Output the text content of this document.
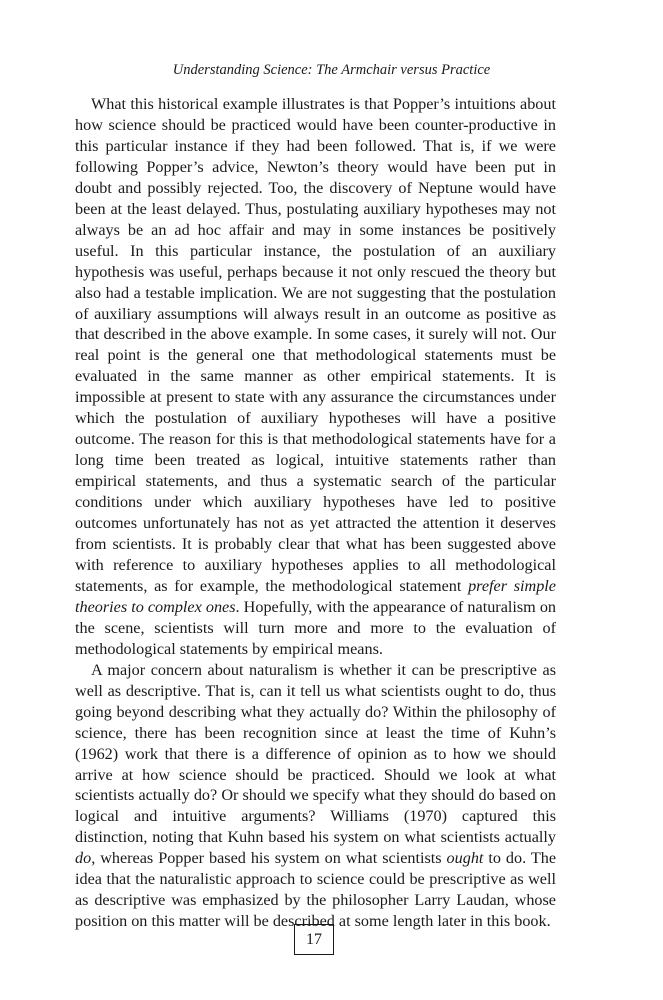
Understanding Science: The Armchair versus Practice

What this historical example illustrates is that Popper’s intuitions about how science should be practiced would have been counter-productive in this particular instance if they had been followed. That is, if we were following Popper’s advice, Newton’s theory would have been put in doubt and possibly rejected. Too, the discovery of Neptune would have been at the least delayed. Thus, postulating auxiliary hypotheses may not always be an ad hoc affair and may in some instances be positively useful. In this particular instance, the postulation of an auxiliary hypothesis was useful, perhaps because it not only rescued the theory but also had a testable implication. We are not suggesting that the postulation of auxiliary assumptions will always result in an outcome as positive as that described in the above example. In some cases, it surely will not. Our real point is the general one that methodological statements must be evaluated in the same manner as other empirical statements. It is impossible at present to state with any assurance the circumstances under which the postulation of auxiliary hypotheses will have a positive outcome. The reason for this is that methodological statements have for a long time been treated as logical, intuitive statements rather than empirical statements, and thus a systematic search of the particular conditions under which auxiliary hypotheses have led to positive outcomes unfortunately has not as yet attracted the attention it deserves from scientists. It is probably clear that what has been suggested above with reference to auxiliary hypotheses applies to all methodological statements, as for example, the methodological statement prefer simple theories to complex ones. Hopefully, with the appearance of naturalism on the scene, scientists will turn more and more to the evaluation of methodological statements by empirical means.

A major concern about naturalism is whether it can be prescriptive as well as descriptive. That is, can it tell us what scientists ought to do, thus going beyond describing what they actually do? Within the philosophy of science, there has been recognition since at least the time of Kuhn’s (1962) work that there is a difference of opinion as to how we should arrive at how science should be practiced. Should we look at what scientists actually do? Or should we specify what they should do based on logical and intuitive arguments? Williams (1970) captured this distinction, noting that Kuhn based his system on what scientists actually do, whereas Popper based his system on what scientists ought to do. The idea that the naturalistic approach to science could be prescriptive as well as descriptive was emphasized by the philosopher Larry Laudan, whose position on this matter will be described at some length later in this book.

17
